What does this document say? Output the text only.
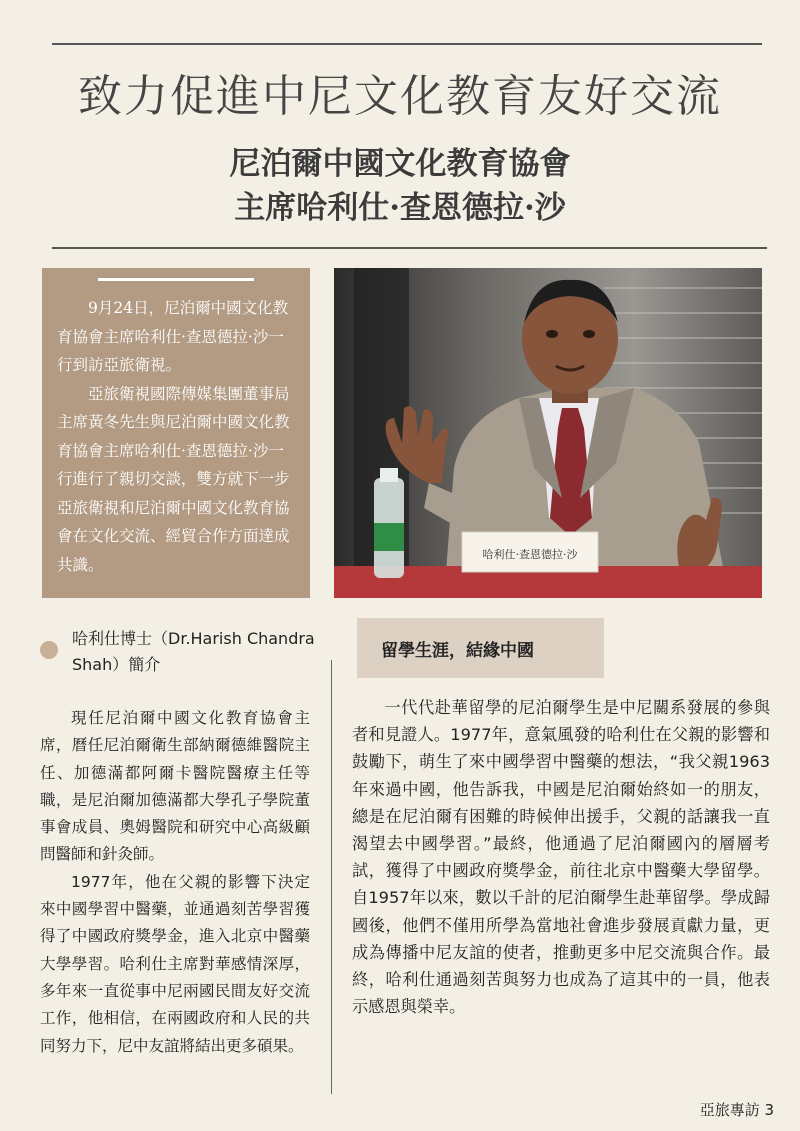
致力促進中尼文化教育友好交流
尼泊爾中國文化教育協會
主席哈利仕·查恩德拉·沙

9月24日，尼泊爾中國文化教育協會主席哈利仕·查恩德拉·沙一行到訪亞旅衛視。

亞旅衛視國際傳媒集團董事局主席黃冬先生與尼泊爾中國文化教育協會主席哈利仕·查恩德拉·沙一行進行了親切交談，雙方就下一步亞旅衛視和尼泊爾中國文化教育協會在文化交流、經貿合作方面達成共識。

哈利仕·查恩德拉·沙
哈利仕博士（Dr.Harish Chandra Shah）簡介

現任尼泊爾中國文化教育協會主席，曆任尼泊爾衛生部納爾德維醫院主任、加德滿都阿爾卡醫院醫療主任等職，是尼泊爾加德滿都大學孔子學院董事會成員、奧姆醫院和研究中心高級顧問醫師和針灸師。

1977年，他在父親的影響下決定來中國學習中醫藥，並通過刻苦學習獲得了中國政府獎學金，進入北京中醫藥大學學習。哈利仕主席對華感情深厚，多年來一直從事中尼兩國民間友好交流工作，他相信，在兩國政府和人民的共同努力下，尼中友誼將結出更多碩果。

留學生涯，結緣中國

一代代赴華留學的尼泊爾學生是中尼關系發展的參與者和見證人。1977年，意氣風發的哈利仕在父親的影響和鼓勵下，萌生了來中國學習中醫藥的想法，“我父親1963年來過中國，他告訴我，中國是尼泊爾始終如一的朋友，總是在尼泊爾有困難的時候伸出援手，父親的話讓我一直渴望去中國學習。”最終，他通過了尼泊爾國內的層層考試，獲得了中國政府獎學金，前往北京中醫藥大學留學。自1957年以來，數以千計的尼泊爾學生赴華留學。學成歸國後，他們不僅用所學為當地社會進步發展貢獻力量，更成為傳播中尼友誼的使者，推動更多中尼交流與合作。最終，哈利仕通過刻苦與努力也成為了這其中的一員，他表示感恩與榮幸。

亞旅專訪 3
